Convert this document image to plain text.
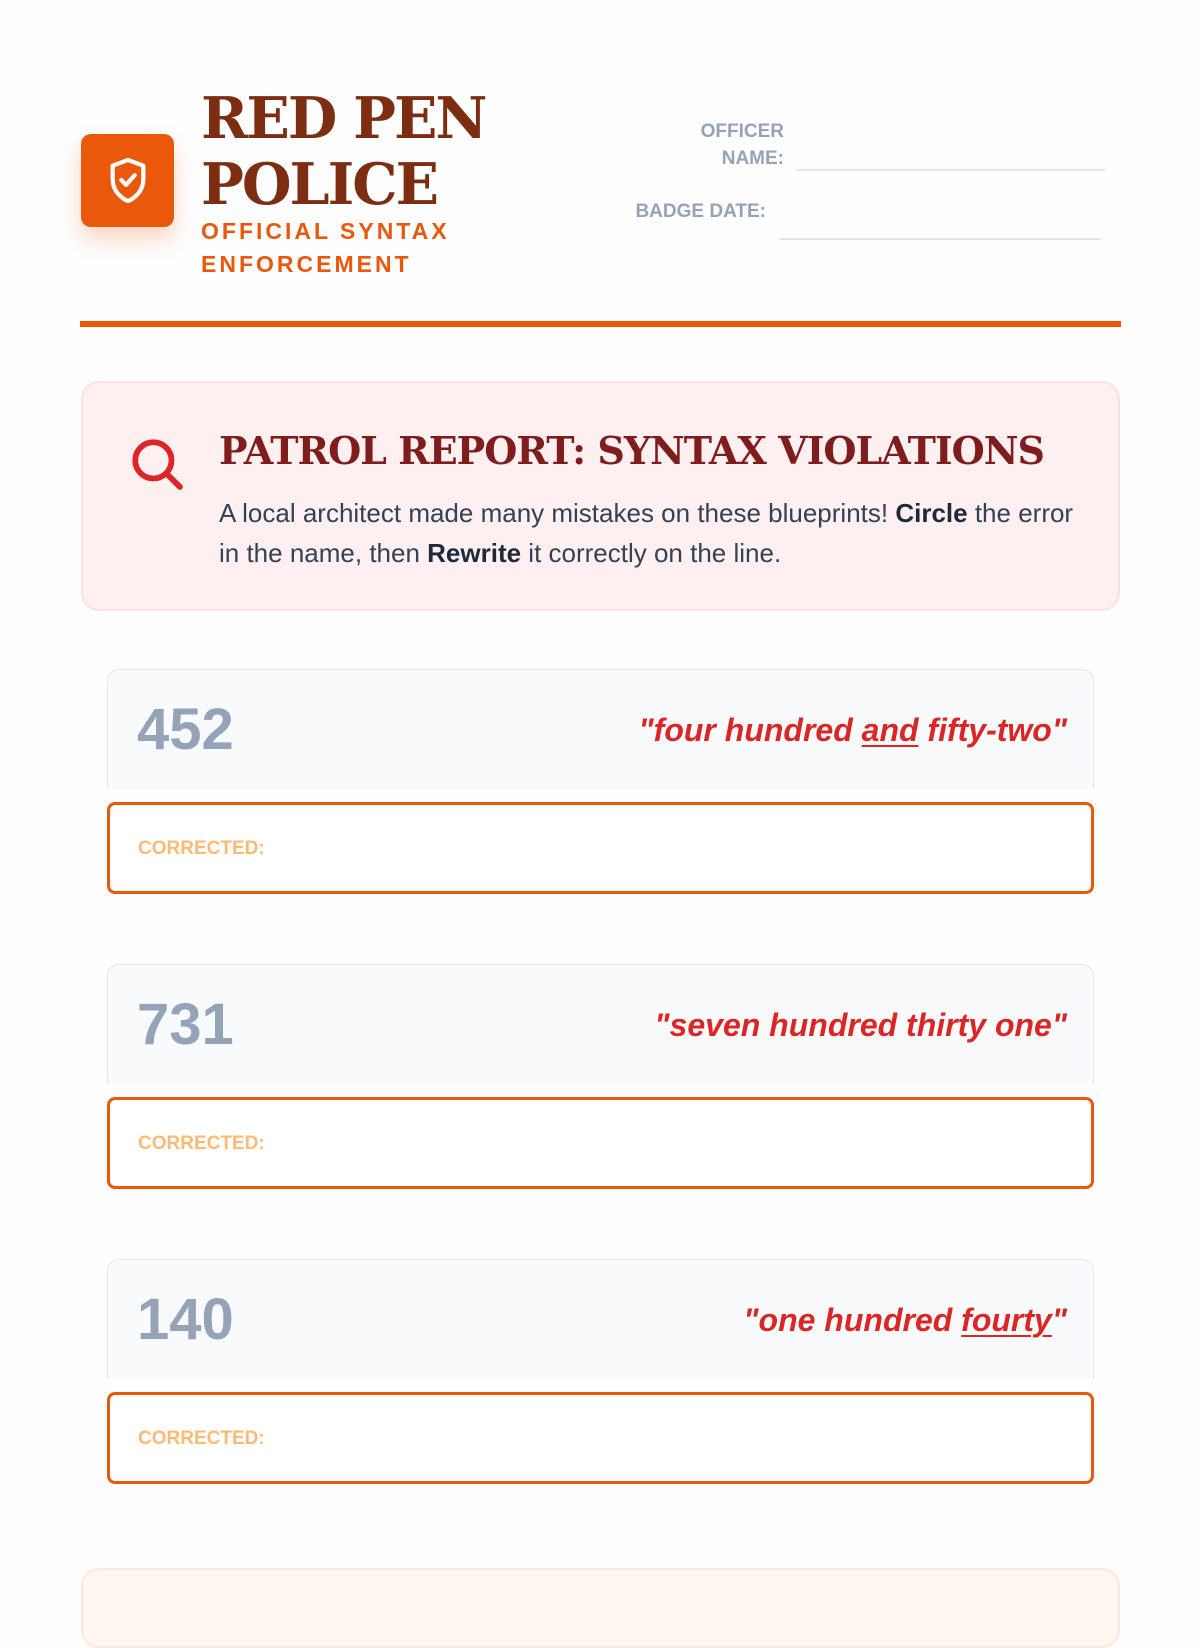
RED PEN POLICE
OFFICIAL SYNTAX ENFORCEMENT
OFFICER NAME:
BADGE DATE:
PATROL REPORT: SYNTAX VIOLATIONS
A local architect made many mistakes on these blueprints! Circle the error in the name, then Rewrite it correctly on the line.
452	"four hundred and fifty-two"
CORRECTED:
731	"seven hundred thirty one"
CORRECTED:
140	"one hundred fourty"
CORRECTED:
